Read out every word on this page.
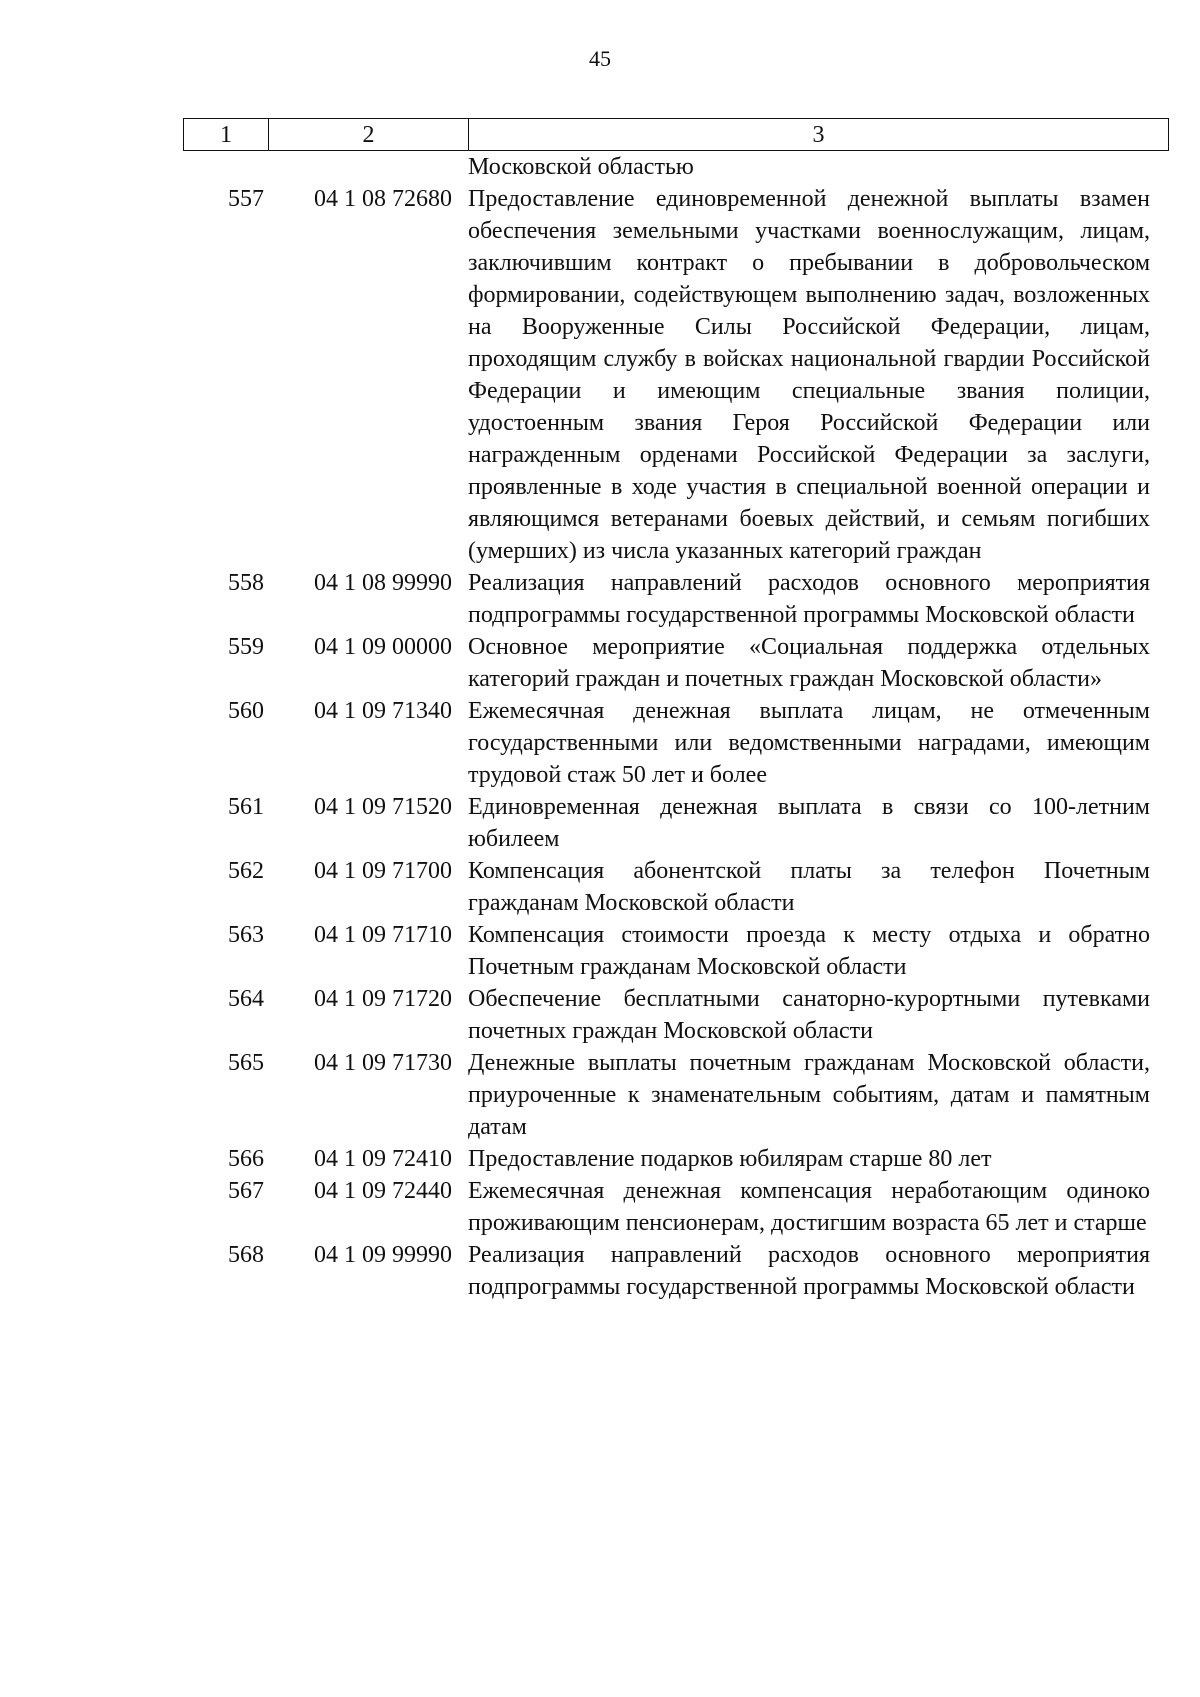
45
1	2	3
Московской областью
557	04 1 08 72680 Предоставление единовременной денежной выплаты взамен обеспечения земельными участками военнослужащим, лицам, заключившим контракт о пребывании в добровольческом формировании, содействующем выполнению задач, возложенных на Вооруженные Силы Российской Федерации, лицам, проходящим службу в войсках национальной гвардии Российской Федерации и имеющим специальные звания полиции, удостоенным звания Героя Российской Федерации или награжденным орденами Российской Федерации за заслуги, проявленные в ходе участия в специальной военной операции и являющимся ветеранами боевых действий, и семьям погибших (умерших) из числа указанных категорий граждан
558	04 1 08 99990 Реализация направлений расходов основного мероприятия подпрограммы государственной программы Московской области
559	04 1 09 00000 Основное мероприятие «Социальная поддержка отдельных категорий граждан и почетных граждан Московской области»
560	04 1 09 71340 Ежемесячная денежная выплата лицам, не отмеченным государственными или ведомственными наградами, имеющим трудовой стаж 50 лет и более
561	04 1 09 71520 Единовременная денежная выплата в связи со 100-летним юбилеем
562	04 1 09 71700 Компенсация абонентской платы за телефон Почетным гражданам Московской области
563	04 1 09 71710 Компенсация стоимости проезда к месту отдыха и обратно Почетным гражданам Московской области
564	04 1 09 71720 Обеспечение бесплатными санаторно-курортными путевками почетных граждан Московской области
565	04 1 09 71730 Денежные выплаты почетным гражданам Московской области, приуроченные к знаменательным событиям, датам и памятным датам
566	04 1 09 72410 Предоставление подарков юбилярам старше 80 лет
567	04 1 09 72440 Ежемесячная денежная компенсация неработающим одиноко проживающим пенсионерам, достигшим возраста 65 лет и старше
568	04 1 09 99990 Реализация направлений расходов основного мероприятия подпрограммы государственной программы Московской области
